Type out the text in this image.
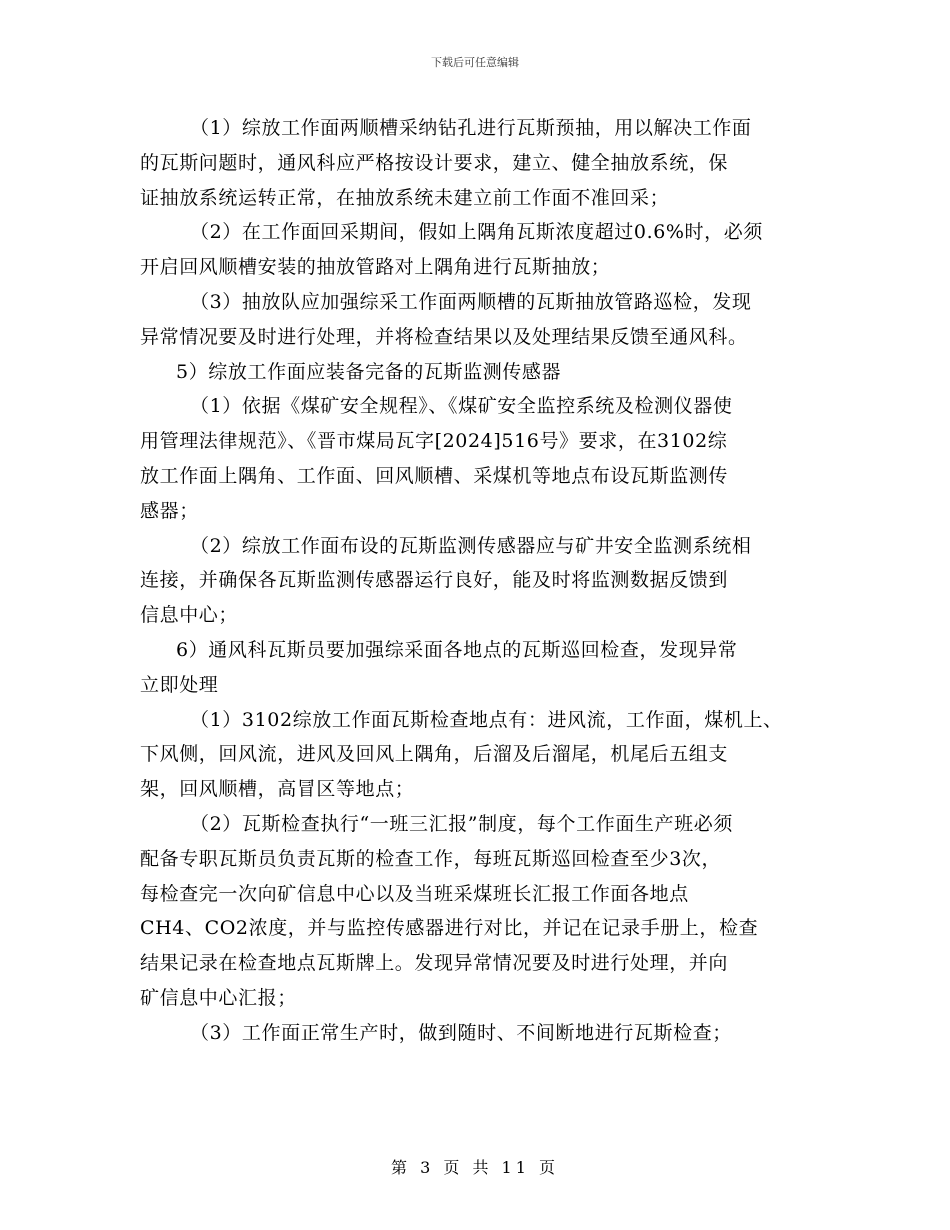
下载后可任意编辑
（1）综放工作面两顺槽采纳钻孔进行瓦斯预抽，用以解决工作面
的瓦斯问题时，通风科应严格按设计要求，建立、健全抽放系统，保
证抽放系统运转正常，在抽放系统未建立前工作面不准回采；
（2）在工作面回采期间，假如上隅角瓦斯浓度超过0.6%时，必须
开启回风顺槽安装的抽放管路对上隅角进行瓦斯抽放；
（3）抽放队应加强综采工作面两顺槽的瓦斯抽放管路巡检，发现
异常情况要及时进行处理，并将检查结果以及处理结果反馈至通风科。
5）综放工作面应装备完备的瓦斯监测传感器
（1）依据《煤矿安全规程》、《煤矿安全监控系统及检测仪器使
用管理法律规范》、《晋市煤局瓦字[2024]516号》要求，在3102综
放工作面上隅角、工作面、回风顺槽、采煤机等地点布设瓦斯监测传
感器；
（2）综放工作面布设的瓦斯监测传感器应与矿井安全监测系统相
连接，并确保各瓦斯监测传感器运行良好，能及时将监测数据反馈到
信息中心；
6）通风科瓦斯员要加强综采面各地点的瓦斯巡回检查，发现异常
立即处理
（1）3102综放工作面瓦斯检查地点有：进风流，工作面，煤机上、
下风侧，回风流，进风及回风上隅角，后溜及后溜尾，机尾后五组支
架，回风顺槽，高冒区等地点；
（2）瓦斯检查执行“一班三汇报”制度，每个工作面生产班必须
配备专职瓦斯员负责瓦斯的检查工作，每班瓦斯巡回检查至少3次，
每检查完一次向矿信息中心以及当班采煤班长汇报工作面各地点
CH4、CO2浓度，并与监控传感器进行对比，并记在记录手册上，检查
结果记录在检查地点瓦斯牌上。发现异常情况要及时进行处理，并向
矿信息中心汇报；
（3）工作面正常生产时，做到随时、不间断地进行瓦斯检查；
第 3 页 共 11 页
